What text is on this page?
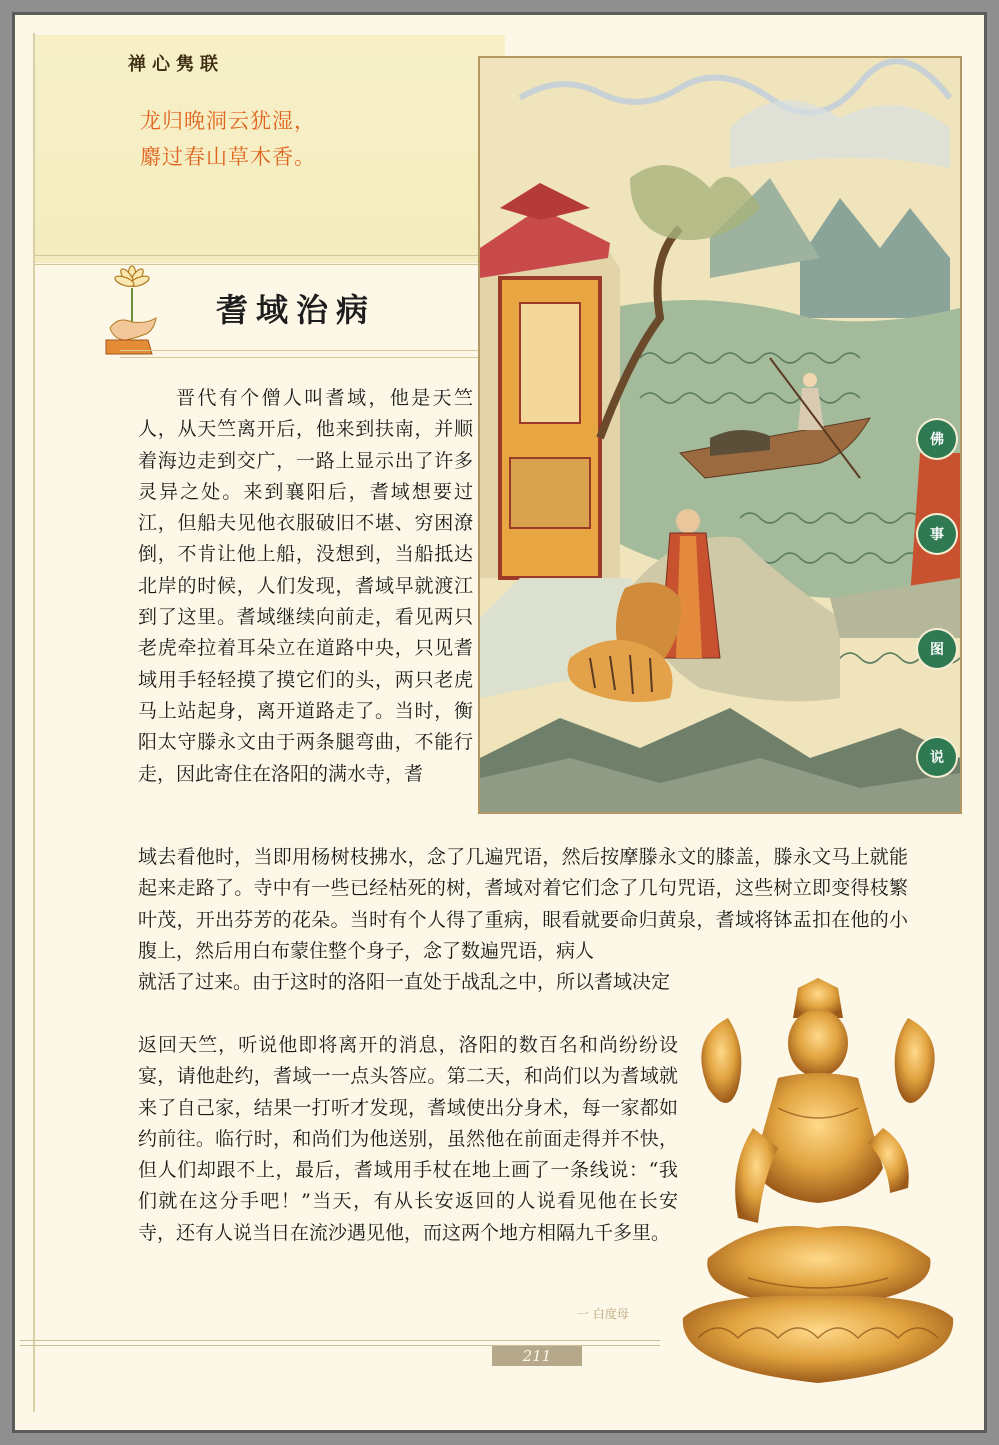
禅心隽联
龙归晚洞云犹湿，
麝过春山草木香。
耆域治病
佛
事
图
说
晋代有个僧人叫耆域，他是天竺人，从天竺离开后，他来到扶南，并顺着海边走到交广，一路上显示出了许多灵异之处。来到襄阳后，耆域想要过江，但船夫见他衣服破旧不堪、穷困潦倒，不肯让他上船，没想到，当船抵达北岸的时候，人们发现，耆域早就渡江到了这里。耆域继续向前走，看见两只老虎牵拉着耳朵立在道路中央，只见耆域用手轻轻摸了摸它们的头，两只老虎马上站起身，离开道路走了。当时，衡阳太守滕永文由于两条腿弯曲，不能行走，因此寄住在洛阳的满水寺，耆
域去看他时，当即用杨树枝拂水，念了几遍咒语，然后按摩滕永文的膝盖，滕永文马上就能起来走路了。寺中有一些已经枯死的树，耆域对着它们念了几句咒语，这些树立即变得枝繁叶茂，开出芬芳的花朵。当时有个人得了重病，眼看就要命归黄泉，耆域将钵盂扣在他的小腹上，然后用白布蒙住整个身子，念了数遍咒语，病人
就活了过来。由于这时的洛阳一直处于战乱之中，所以耆域决定
返回天竺，听说他即将离开的消息，洛阳的数百名和尚纷纷设宴，请他赴约，耆域一一点头答应。第二天，和尚们以为耆域就来了自己家，结果一打听才发现，耆域使出分身术，每一家都如约前往。临行时，和尚们为他送别，虽然他在前面走得并不快，但人们却跟不上，最后，耆域用手杖在地上画了一条线说：“我们就在这分手吧！”当天，有从长安返回的人说看见他在长安寺，还有人说当日在流沙遇见他，而这两个地方相隔九千多里。
一 白度母
211
